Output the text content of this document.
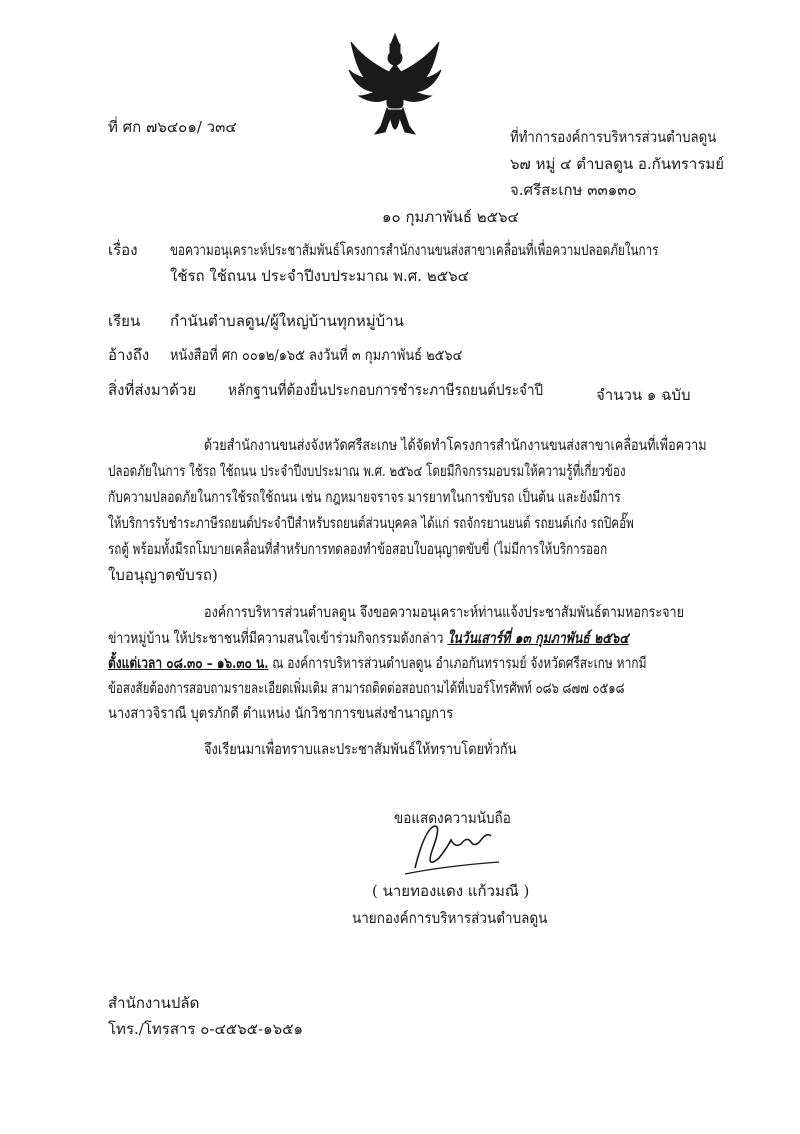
ที่ ศก ๗๖๔๐๑/ ว๓๔
ที่ทำการองค์การบริหารส่วนตำบลดูน
๖๗ หมู่ ๔ ตำบลดูน อ.กันทรารมย์
จ.ศรีสะเกษ ๓๓๑๓๐
๑๐ กุมภาพันธ์ ๒๕๖๔
เรื่อง ขอความอนุเคราะห์ประชาสัมพันธ์โครงการสำนักงานขนส่งสาขาเคลื่อนที่เพื่อความปลอดภัยในการ
ใช้รถ ใช้ถนน ประจำปีงบประมาณ พ.ศ. ๒๕๖๔
เรียน กำนันตำบลดูน/ผู้ใหญ่บ้านทุกหมู่บ้าน
อ้างถึง หนังสือที่ ศก ๐๐๑๒/๑๖๕ ลงวันที่ ๓ กุมภาพันธ์ ๒๕๖๔
สิ่งที่ส่งมาด้วย หลักฐานที่ต้องยื่นประกอบการชำระภาษีรถยนต์ประจำปี	จำนวน ๑ ฉบับ
ด้วยสำนักงานขนส่งจังหวัดศรีสะเกษ ได้จัดทำโครงการสำนักงานขนส่งสาขาเคลื่อนที่เพื่อความ
ปลอดภัยในการ ใช้รถ ใช้ถนน ประจำปีงบประมาณ พ.ศ. ๒๕๖๔ โดยมีกิจกรรมอบรมให้ความรู้ที่เกี่ยวข้อง
กับความปลอดภัยในการใช้รถใช้ถนน เช่น กฎหมายจราจร มารยาทในการขับรถ เป็นต้น และยังมีการ
ให้บริการรับชำระภาษีรถยนต์ประจำปีสำหรับรถยนต์ส่วนบุคคล ได้แก่ รถจักรยานยนต์ รถยนต์เก๋ง รถปิคอั๊พ
รถตู้ พร้อมทั้งมีรถโมบายเคลื่อนที่สำหรับการทดลองทำข้อสอบใบอนุญาตขับขี่ (ไม่มีการให้บริการออก
ใบอนุญาตขับรถ)
องค์การบริหารส่วนตำบลดูน จึงขอความอนุเคราะห์ท่านแจ้งประชาสัมพันธ์ตามหอกระจาย
ข่าวหมู่บ้าน ให้ประชาชนที่มีความสนใจเข้าร่วมกิจกรรมดังกล่าว ในวันเสาร์ที่ ๑๓ กุมภาพันธ์ ๒๕๖๔
ตั้งแต่เวลา ๐๘.๓๐ – ๑๖.๓๐ น. ณ องค์การบริหารส่วนตำบลดูน อำเภอกันทรารมย์ จังหวัดศรีสะเกษ หากมี
ข้อสงสัยต้องการสอบถามรายละเอียดเพิ่มเติม สามารถติดต่อสอบถามได้ที่เบอร์โทรศัพท์ ๐๘๖ ๘๗๗ ๐๕๑๘
นางสาวจิราณี บุตรภักดี ตำแหน่ง นักวิชาการขนส่งชำนาญการ
จึงเรียนมาเพื่อทราบและประชาสัมพันธ์ให้ทราบโดยทั่วกัน
ขอแสดงความนับถือ
( นายทองแดง แก้วมณี )
นายกองค์การบริหารส่วนตำบลดูน
สำนักงานปลัด
โทร./โทรสาร ๐-๔๕๖๕-๑๖๕๑
